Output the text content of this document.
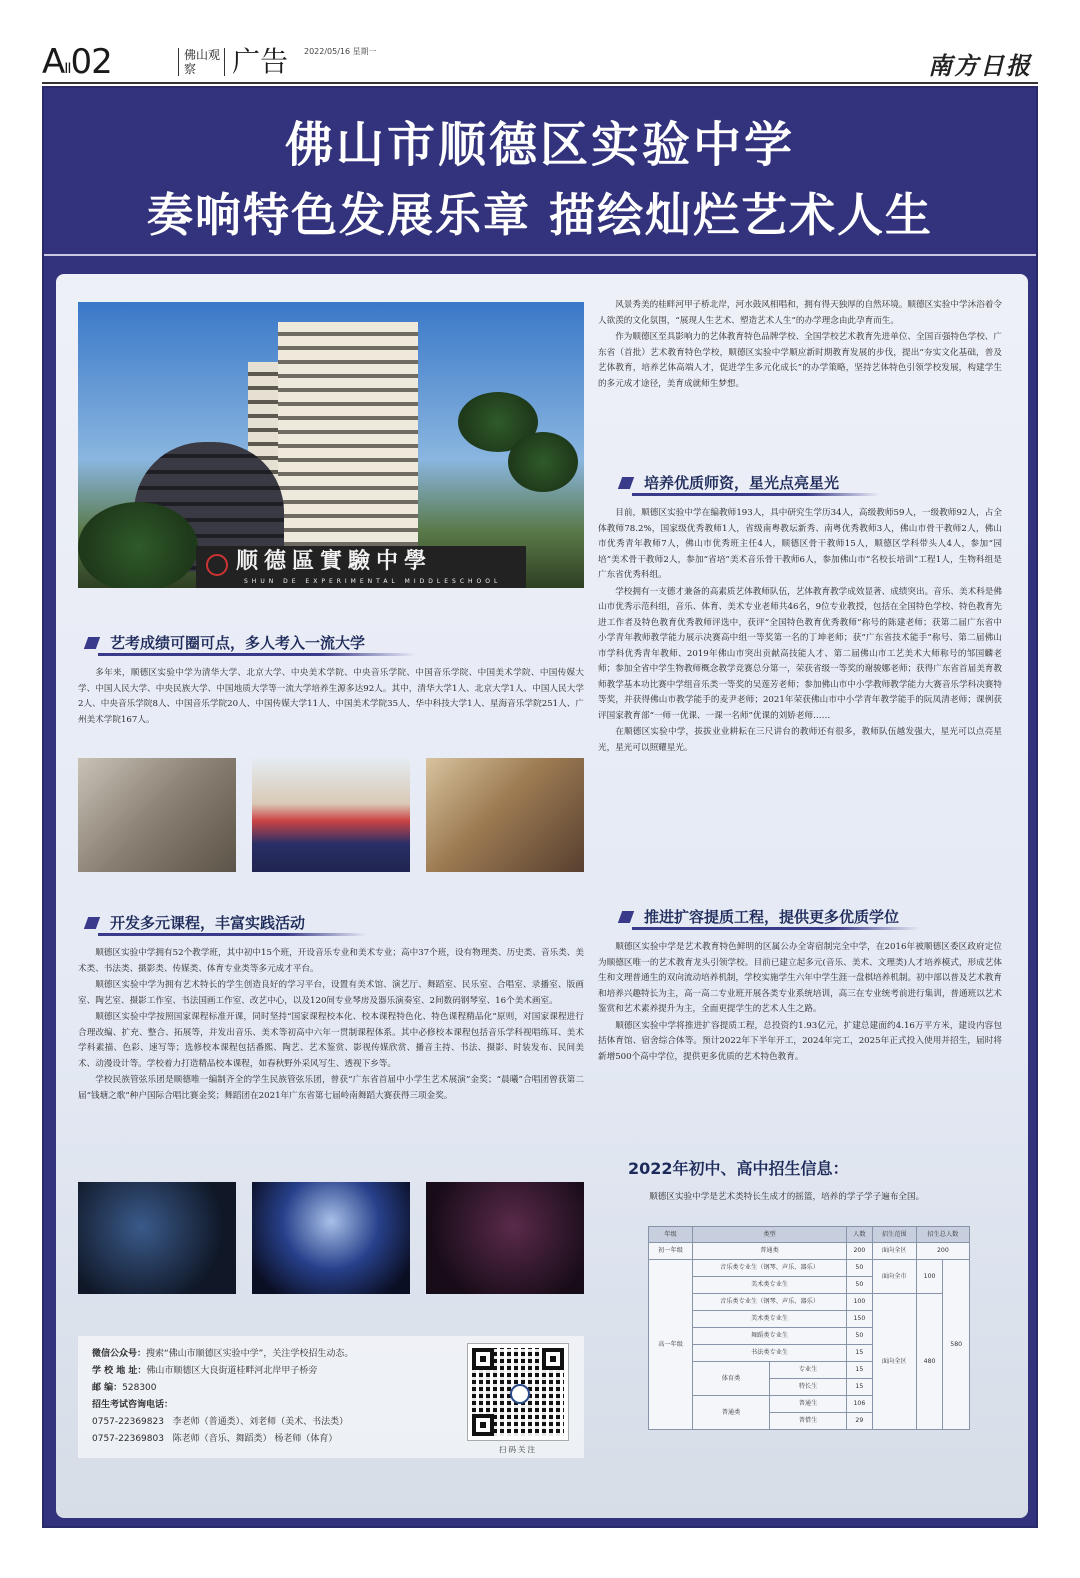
AII02	佛山观察	广告 2022/05/16 星期一	南方日报
佛山市顺德区实验中学
奏响特色发展乐章 描绘灿烂艺术人生
顺德區實驗中學
SHUN DE EXPERIMENTAL MIDDLESCHOOL

风景秀美的桂畔河甲子桥北岸，河水鼓风相唱和，拥有得天独厚的自然环境。顺德区实验中学沐浴着令人欲羡的文化氛围，“展现人生艺术、塑造艺术人生”的办学理念由此孕育而生。

作为顺德区至具影响力的艺体教育特色品牌学校、全国学校艺术教育先进单位、全国百强特色学校、广东省（首批）艺术教育特色学校，顺德区实验中学顺应新时期教育发展的步伐，提出“夯实文化基础，普及艺体教育，培养艺体高端人才，促进学生多元化成长”的办学策略，坚持艺体特色引领学校发展，构建学生的多元成才途径，美育成就师生梦想。

培养优质师资，星光点亮星光

目前，顺德区实验中学在编教师193人，具中研究生学历34人，高级教师59人，一级教师92人，占全体教师78.2%，国家级优秀教师1人，省级南粤教坛新秀、南粤优秀教师3人，佛山市骨干教师2人，佛山市优秀青年教师7人，佛山市优秀班主任4人，顺德区骨干教师15人，顺德区学科带头人4人，参加“园培”美术骨干教师2人，参加“省培”美术音乐骨干教师6人，参加佛山市“名校长培训”工程1人，生物科组是广东省优秀科组。

学校拥有一支德才兼备的高素质艺体教师队伍，艺体教育教学成效显著、成绩突出。音乐、美术科是佛山市优秀示范科组，音乐、体育、美术专业老师共46名，9位专业教授，包括在全国特色学校、特色教育先进工作者及特色教育优秀教师评选中，获评“全国特色教育优秀教师”称号的陈建老师；获第二届广东省中小学青年教师教学能力展示决赛高中组一等奖第一名的丁坤老师；获“广东省技术能手”称号、第二届佛山市学科优秀青年教师、2019年佛山市突出贡献高技能人才、第二届佛山市工艺美术大师称号的邹国麟老师；参加全省中学生物教师概念教学竞赛总分第一，荣获省级一等奖的谢骏娜老师；获得广东省首届美育教师教学基本功比赛中学组音乐类一等奖的吴莲芳老师；参加佛山市中小学教师教学能力大赛音乐学科决赛特等奖，并获得佛山市教学能手的麦尹老师；2021年荣获佛山市中小学青年教学能手的阮凤清老师；课例获评国家教育部“一师一优课、一课一名师”优课的刘娇老师……

在顺德区实验中学，拔拔业业耕耘在三尺讲台的教师还有很多，教师队伍越发强大，星光可以点亮星光，星光可以照耀星光。

艺考成绩可圈可点，多人考入一流大学

多年来，顺德区实验中学为清华大学、北京大学、中央美术学院、中央音乐学院、中国音乐学院、中国美术学院、中国传媒大学、中国人民大学、中央民族大学、中国地质大学等一流大学培养生源多达92人。其中，清华大学1人、北京大学1人、中国人民大学2人、中央音乐学院8人、中国音乐学院20人、中国传媒大学11人、中国美术学院35人、华中科技大学1人、星海音乐学院251人、广州美术学院167人。

推进扩容提质工程，提供更多优质学位

顺德区实验中学是艺术教育特色鲜明的区属公办全寄宿制完全中学，在2016年被顺德区委区政府定位为顺德区唯一的艺术教育龙头引领学校。目前已建立起多元(音乐、美术、文理类)人才培养模式，形成艺体生和文理普通生的双向流动培养机制，学校实施学生六年中学生涯一盘棋培养机制。初中部以普及艺术教育和培养兴趣特长为主，高一高二专业班开展各类专业系统培训，高三在专业统考前进行集训，普通班以艺术鉴赏和艺术素养提升为主，全面更提学生的艺术人生之路。

顺德区实验中学将推进扩容提质工程，总投资约1.93亿元，扩建总建面约4.16万平方米，建设内容包括体育馆、宿舍综合体等。预计2022年下半年开工，2024年完工，2025年正式投入使用并招生，届时将新增500个高中学位，提供更多优质的艺术特色教育。

开发多元课程，丰富实践活动

顺德区实验中学拥有52个教学班，其中初中15个班，开设音乐专业和美术专业；高中37个班，设有物理类、历史类、音乐类、美术类、书法类、摄影类、传媒类、体育专业类等多元成才平台。

顺德区实验中学为拥有艺术特长的学生创造良好的学习平台，设置有美术馆、演艺厅、舞蹈室、民乐室、合唱室、录播室、版画室、陶艺室、摄影工作室、书法国画工作室、改艺中心，以及120间专业琴房及器乐演奏室、2间数码钢琴室、16个美术画室。

顺德区实验中学按照国家课程标准开课，同时坚持“国家课程校本化、校本课程特色化、特色课程精品化”原则，对国家课程进行合理改编、扩充、整合、拓展等，并发出音乐、美术等初高中六年一贯制课程体系。其中必修校本课程包括音乐学科视唱练耳、美术学科素描、色彩、速写等；选修校本课程包括番熙、陶艺、艺术鉴赏、影视传媒欣赏、播音主持、书法、摄影、时装发布、民间美术、动漫设计等。学校着力打造精品校本课程，如春秋野外采风写生、透视下乡等。

学校民族管弦乐团是顺德唯一编制齐全的学生民族管弦乐团，曾获“广东省首届中小学生艺术展演”金奖；“晨曦”合唱团曾获第二届“钱塘之歌”种户国际合唱比赛金奖；舞蹈团在2021年广东省第七届岭南舞蹈大赛获得三项金奖。

2022年初中、高中招生信息：

顺德区实验中学是艺术类特长生成才的摇篮，培养的学子学子遍布全国。

年级	类型		人数	招生范围	招生总人数	
初一年级	普通类		200	面向全区	200	
高一年级	音乐类专业生（钢琴、声乐、器乐）		50	面向全市	100	580
	美术类专业生		50			
	音乐类专业生（钢琴、声乐、器乐）		100	面向全区	480	
	美术类专业生		150			
	舞蹈类专业生		50			
	书法类专业生		15			
	体育类	专业生	15			
		特长生	15			
	普通类	普通生	106			
		普惜生	29			
微信公众号：搜索“佛山市顺德区实验中学”，关注学校招生动态。
学 校 地 址：佛山市顺德区大良街道桂畔河北岸甲子桥旁
邮 编：528300
招生考试咨询电话：
0757-22369823 李老师（普通类）、刘老师（美术、书法类）
0757-22369803 陈老师（音乐、舞蹈类） 杨老师（体育）
扫码关注
